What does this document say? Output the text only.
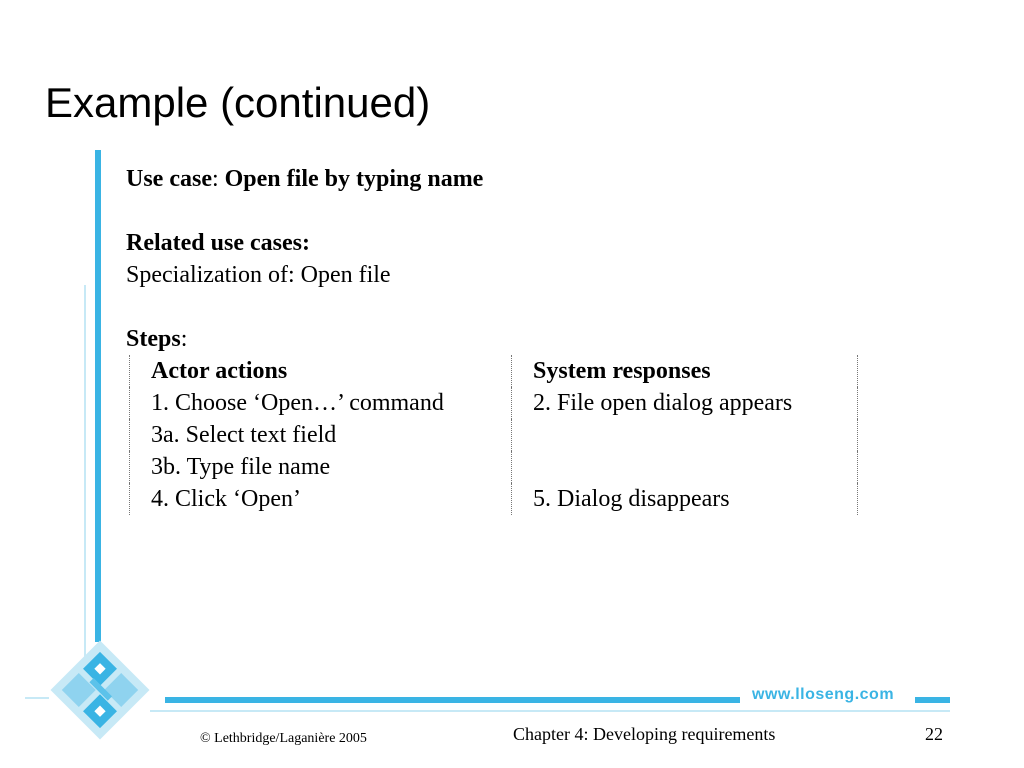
Example (continued)
www.lloseng.com

Use case: Open file by typing name

Related use cases:

Specialization of: Open file

Steps:

Actor actions	System responses
1. Choose ‘Open…’ command	2. File open dialog appears
3a. Select text field	
3b. Type file name	
4. Click ‘Open’	5. Dialog disappears
© Lethbridge/Laganière 2005	Chapter 4: Developing requirements	22
